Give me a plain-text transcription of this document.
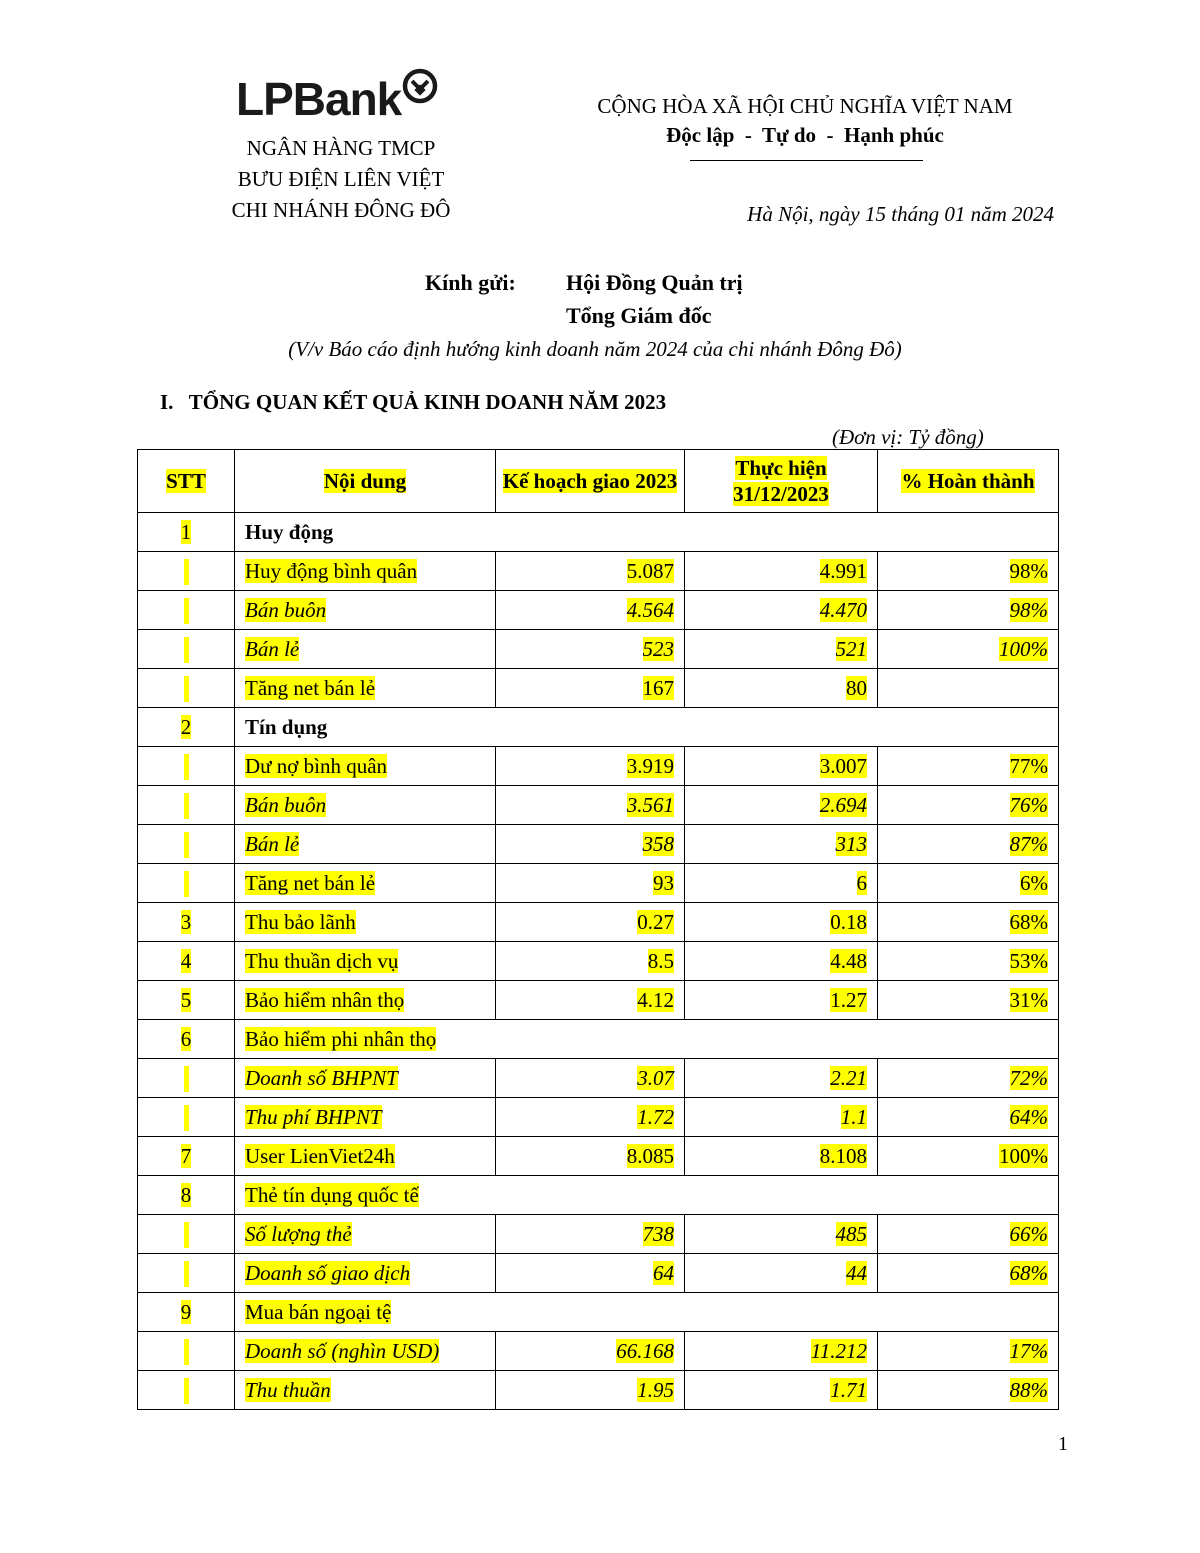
LPBank
NGÂN HÀNG TMCP
BƯU ĐIỆN LIÊN VIỆT
CHI NHÁNH ĐÔNG ĐÔ
CỘNG HÒA XÃ HỘI CHỦ NGHĨA VIỆT NAM
Độc lập  -  Tự do  -  Hạnh phúc
Hà Nội, ngày 15 tháng 01 năm 2024
Kính gửi: Hội Đồng Quản trị
Tổng Giám đốc
(V/v Báo cáo định hướng kinh doanh năm 2024 của chi nhánh Đông Đô)
I.   TỔNG QUAN KẾT QUẢ KINH DOANH NĂM 2023
(Đơn vị: Tỷ đồng)
STT	Nội dung	Kế hoạch giao 2023	Thực hiện 31/12/2023	% Hoàn thành
1	Huy động			
	Huy động bình quân	5.087	4.991	98%
	Bán buôn	4.564	4.470	98%
	Bán lẻ	523	521	100%
	Tăng net bán lẻ	167	80	
2	Tín dụng			
	Dư nợ bình quân	3.919	3.007	77%
	Bán buôn	3.561	2.694	76%
	Bán lẻ	358	313	87%
	Tăng net bán lẻ	93	6	6%
3	Thu bảo lãnh	0.27	0.18	68%
4	Thu thuần dịch vụ	8.5	4.48	53%
5	Bảo hiểm nhân thọ	4.12	1.27	31%
6	Bảo hiểm phi nhân thọ			
	Doanh số BHPNT	3.07	2.21	72%
	Thu phí BHPNT	1.72	1.1	64%
7	User LienViet24h	8.085	8.108	100%
8	Thẻ tín dụng quốc tế			
	Số lượng thẻ	738	485	66%
	Doanh số giao dịch	64	44	68%
9	Mua bán ngoại tệ			
	Doanh số (nghìn USD)	66.168	11.212	17%
	Thu thuần	1.95	1.71	88%
1
